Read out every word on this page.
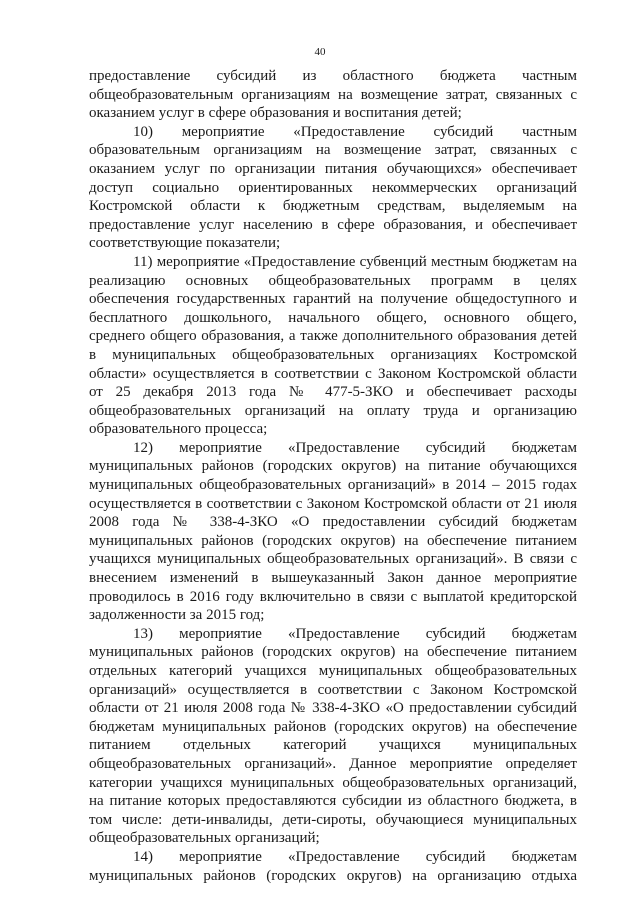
40
предоставление субсидий из областного бюджета частным
общеобразовательным организациям на возмещение затрат, связанных с
оказанием услуг в сфере образования и воспитания детей;
10) мероприятие «Предоставление субсидий частным
образовательным организациям на возмещение затрат, связанных с
оказанием услуг по организации питания обучающихся» обеспечивает
доступ социально ориентированных некоммерческих организаций
Костромской области к бюджетным средствам, выделяемым на
предоставление услуг населению в сфере образования, и обеспечивает
соответствующие показатели;
11) мероприятие «Предоставление субвенций местным бюджетам на
реализацию основных общеобразовательных программ в целях
обеспечения государственных гарантий на получение общедоступного и
бесплатного дошкольного, начального общего, основного общего,
среднего общего образования, а также дополнительного образования детей
в муниципальных общеобразовательных организациях Костромской
области» осуществляется в соответствии с Законом Костромской области
от 25 декабря 2013 года № 477-5-ЗКО и обеспечивает расходы
общеобразовательных организаций на оплату труда и организацию
образовательного процесса;
12) мероприятие «Предоставление субсидий бюджетам
муниципальных районов (городских округов) на питание обучающихся
муниципальных общеобразовательных организаций» в 2014 – 2015 годах
осуществляется в соответствии с Законом Костромской области от 21 июля
2008 года № 338-4-ЗКО «О предоставлении субсидий бюджетам
муниципальных районов (городских округов) на обеспечение питанием
учащихся муниципальных общеобразовательных организаций». В связи с
внесением изменений в вышеуказанный Закон данное мероприятие
проводилось в 2016 году включительно в связи с выплатой кредиторской
задолженности за 2015 год;
13) мероприятие «Предоставление субсидий бюджетам
муниципальных районов (городских округов) на обеспечение питанием
отдельных категорий учащихся муниципальных общеобразовательных
организаций» осуществляется в соответствии с Законом Костромской
области от 21 июля 2008 года № 338-4-ЗКО «О предоставлении субсидий
бюджетам муниципальных районов (городских округов) на обеспечение
питанием отдельных категорий учащихся муниципальных
общеобразовательных организаций». Данное мероприятие определяет
категории учащихся муниципальных общеобразовательных организаций,
на питание которых предоставляются субсидии из областного бюджета, в
том числе: дети-инвалиды, дети-сироты, обучающиеся муниципальных
общеобразовательных организаций;
14) мероприятие «Предоставление субсидий бюджетам
муниципальных районов (городских округов) на организацию отдыха
